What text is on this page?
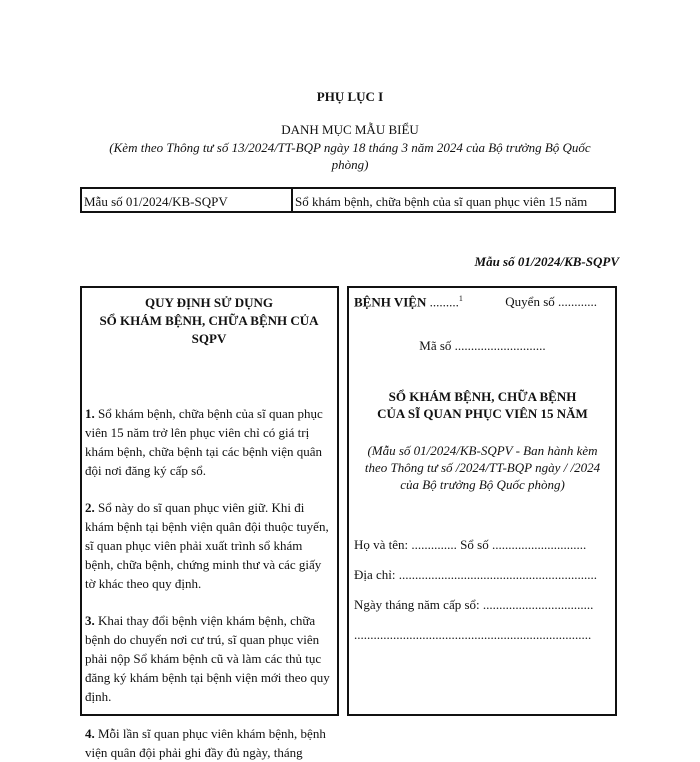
PHỤ LỤC I
DANH MỤC MẪU BIỂU
(Kèm theo Thông tư số 13/2024/TT-BQP ngày 18 tháng 3 năm 2024 của Bộ trưởng Bộ Quốc phòng)
Mẫu số 01/2024/KB-SQPV	Sổ khám bệnh, chữa bệnh của sĩ quan phục viên 15 năm
Mẫu số 01/2024/KB-SQPV
QUY ĐỊNH SỬ DỤNG
SỔ KHÁM BỆNH, CHỮA BỆNH CỦA SQPV
1. Sổ khám bệnh, chữa bệnh của sĩ quan phục viên 15 năm trở lên phục viên chỉ có giá trị khám bệnh, chữa bệnh tại các bệnh viện quân đội nơi đăng ký cấp sổ.
2. Sổ này do sĩ quan phục viên giữ. Khi đi khám bệnh tại bệnh viện quân đội thuộc tuyến, sĩ quan phục viên phải xuất trình sổ khám bệnh, chữa bệnh, chứng minh thư và các giấy tờ khác theo quy định.
3. Khai thay đổi bệnh viện khám bệnh, chữa bệnh do chuyển nơi cư trú, sĩ quan phục viên phải nộp Sổ khám bệnh cũ và làm các thủ tục đăng ký khám bệnh tại bệnh viện mới theo quy định.
4. Mỗi lần sĩ quan phục viên khám bệnh, bệnh viện quân đội phải ghi đầy đủ ngày, tháng
BỆNH VIỆN .........$^1$	Quyển số ............
Mã số ............................
SỔ KHÁM BỆNH, CHỮA BỆNH
CỦA SĨ QUAN PHỤC VIÊN 15 NĂM
(Mẫu số 01/2024/KB-SQPV - Ban hành kèm theo Thông tư số /2024/TT-BQP ngày / /2024 của Bộ trưởng Bộ Quốc phòng)
Họ và tên: .............. Sổ số .............................
Địa chỉ: .............................................................
Ngày tháng năm cấp sổ: ..................................
.........................................................................
